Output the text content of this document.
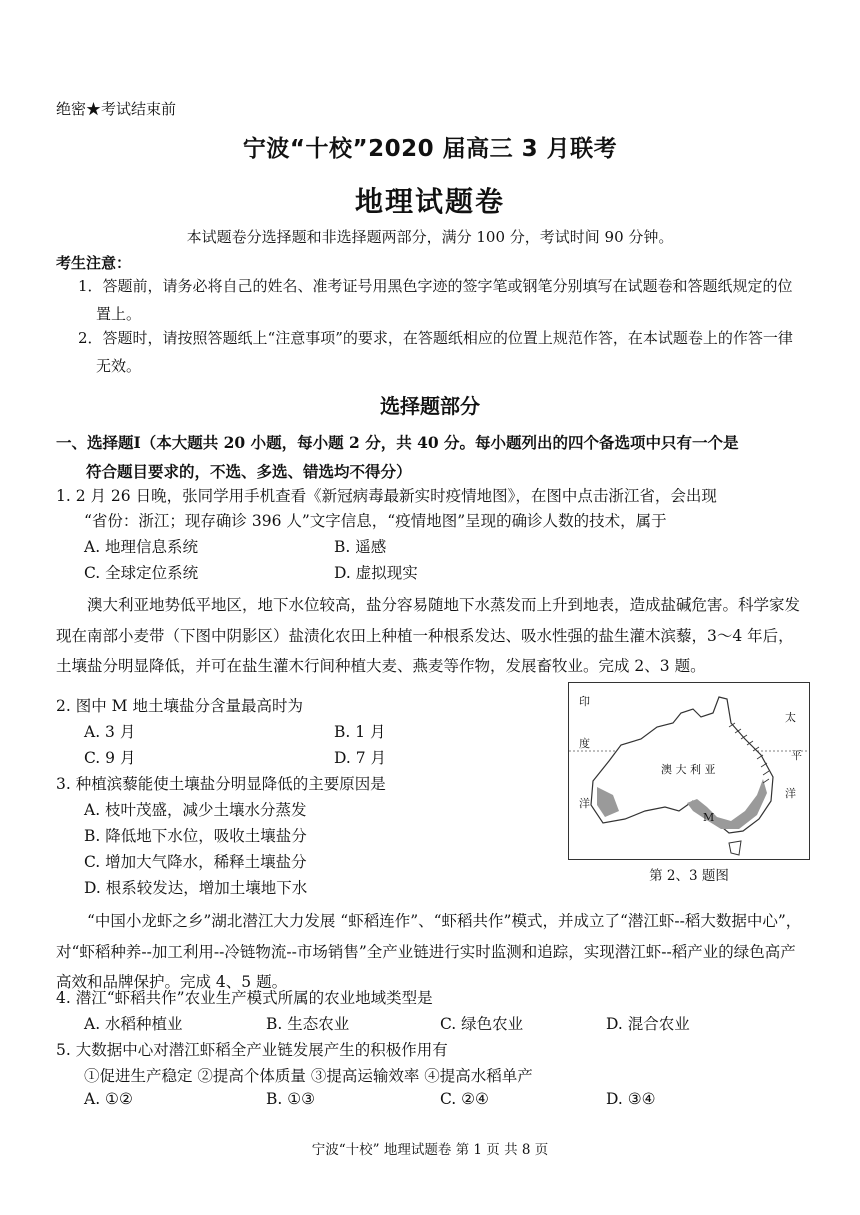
绝密★考试结束前
宁波“十校”2020 届高三 3 月联考
地理试题卷
本试题卷分选择题和非选择题两部分，满分 100 分，考试时间 90 分钟。
考生注意：
1．答题前，请务必将自己的姓名、准考证号用黑色字迹的签字笔或钢笔分别填写在试题卷和答题纸规定的位置上。
2．答题时，请按照答题纸上“注意事项”的要求，在答题纸相应的位置上规范作答，在本试题卷上的作答一律无效。
选择题部分
一、选择题Ⅰ（本大题共 20 小题，每小题 2 分，共 40 分。每小题列出的四个备选项中只有一个是
符合题目要求的，不选、多选、错选均不得分）
1. 2 月 26 日晚，张同学用手机查看《新冠病毒最新实时疫情地图》，在图中点击浙江省，会出现
“省份：浙江；现存确诊 396 人”文字信息，“疫情地图”呈现的确诊人数的技术，属于
A. 地理信息系统	B. 遥感
C. 全球定位系统	D. 虚拟现实
澳大利亚地势低平地区，地下水位较高，盐分容易随地下水蒸发而上升到地表，造成盐碱危害。科学家发现在南部小麦带（下图中阴影区）盐渍化农田上种植一种根系发达、吸水性强的盐生灌木滨藜，3～4 年后，土壤盐分明显降低，并可在盐生灌木行间种植大麦、燕麦等作物，发展畜牧业。完成 2、3 题。
2. 图中 M 地土壤盐分含量最高时为
A. 3 月	B. 1 月
C. 9 月	D. 7 月
3. 种植滨藜能使土壤盐分明显降低的主要原因是
A. 枝叶茂盛，减少土壤水分蒸发
B. 降低地下水位，吸收土壤盐分
C. 增加大气降水，稀释土壤盐分
D. 根系较发达，增加土壤地下水
印
度
洋
太
平
洋
澳 大 利 亚
M
第 2、3 题图
“中国小龙虾之乡”湖北潜江大力发展 “虾稻连作”、“虾稻共作”模式，并成立了“潜江虾--稻大数据中心”，对“虾稻种养--加工利用--冷链物流--市场销售”全产业链进行实时监测和追踪，实现潜江虾--稻产业的绿色高产高效和品牌保护。完成 4、5 题。
4. 潜江“虾稻共作”农业生产模式所属的农业地域类型是
A. 水稻种植业	B. 生态农业	C. 绿色农业	D. 混合农业
5. 大数据中心对潜江虾稻全产业链发展产生的积极作用有
①促进生产稳定 ②提高个体质量 ③提高运输效率 ④提高水稻单产
A. ①②	B. ①③	C. ②④	D. ③④
宁波“十校” 地理试题卷 第 1 页 共 8 页
